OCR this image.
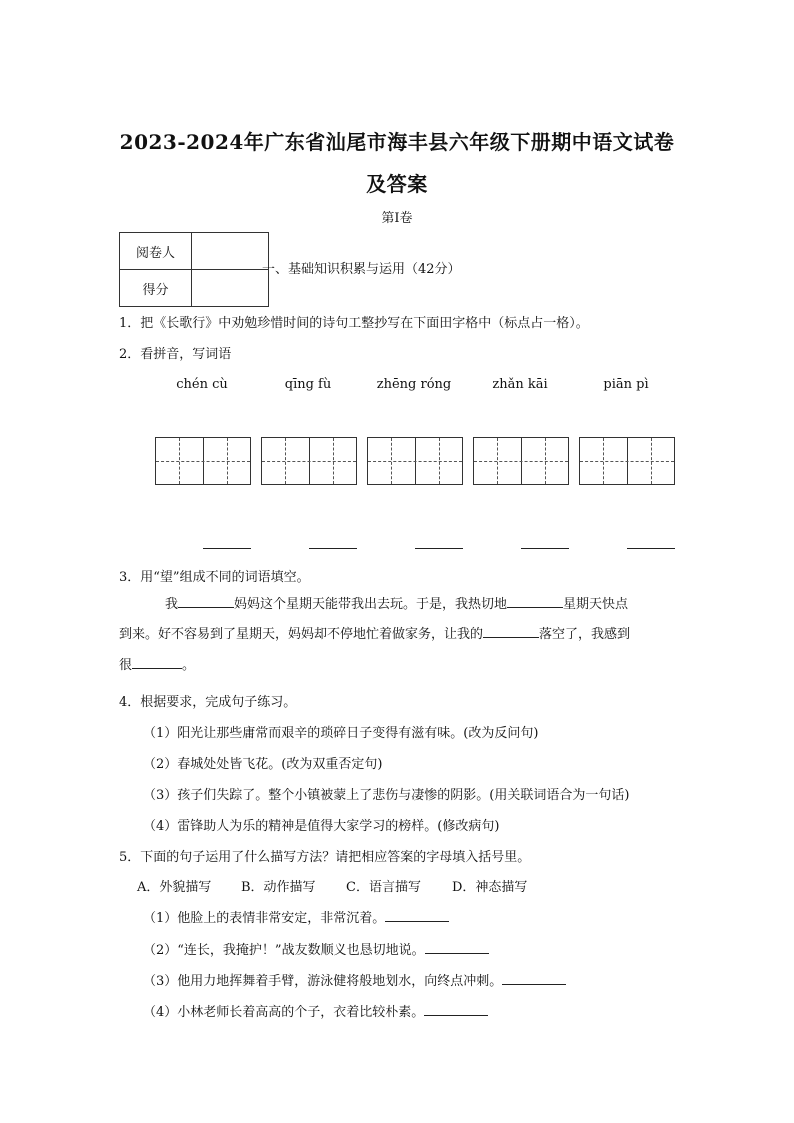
2023-2024年广东省汕尾市海丰县六年级下册期中语文试卷
及答案
第Ⅰ卷
阅卷人	
得分	
一、基础知识积累与运用（42分）
1．把《长歌行》中劝勉珍惜时间的诗句工整抄写在下面田字格中（标点占一格）。
2．看拼音，写词语
chén cù	qīng fù	zhēng róng	zhǎn kāi	piān pì
3．用“望”组成不同的词语填空。
我	妈妈这个星期天能带我出去玩。于是，我热切地	星期天快点
到来。好不容易到了星期天，妈妈却不停地忙着做家务，让我的	落空了，我感到
很	。
4．根据要求，完成句子练习。
（1）阳光让那些庸常而艰辛的琐碎日子变得有滋有味。(改为反问句)
（2）春城处处皆飞花。(改为双重否定句)
（3）孩子们失踪了。整个小镇被蒙上了悲伤与凄惨的阴影。(用关联词语合为一句话)
（4）雷锋助人为乐的精神是值得大家学习的榜样。(修改病句)
5．下面的句子运用了什么描写方法？请把相应答案的字母填入括号里。
A．外貌描写 B．动作描写 C．语言描写 D．神态描写
（1）他脸上的表情非常安定，非常沉着。
（2）“连长，我掩护！”战友数顺义也恳切地说。
（3）他用力地挥舞着手臂，游泳健将般地划水，向终点冲刺。
（4）小林老师长着高高的个子，衣着比较朴素。
